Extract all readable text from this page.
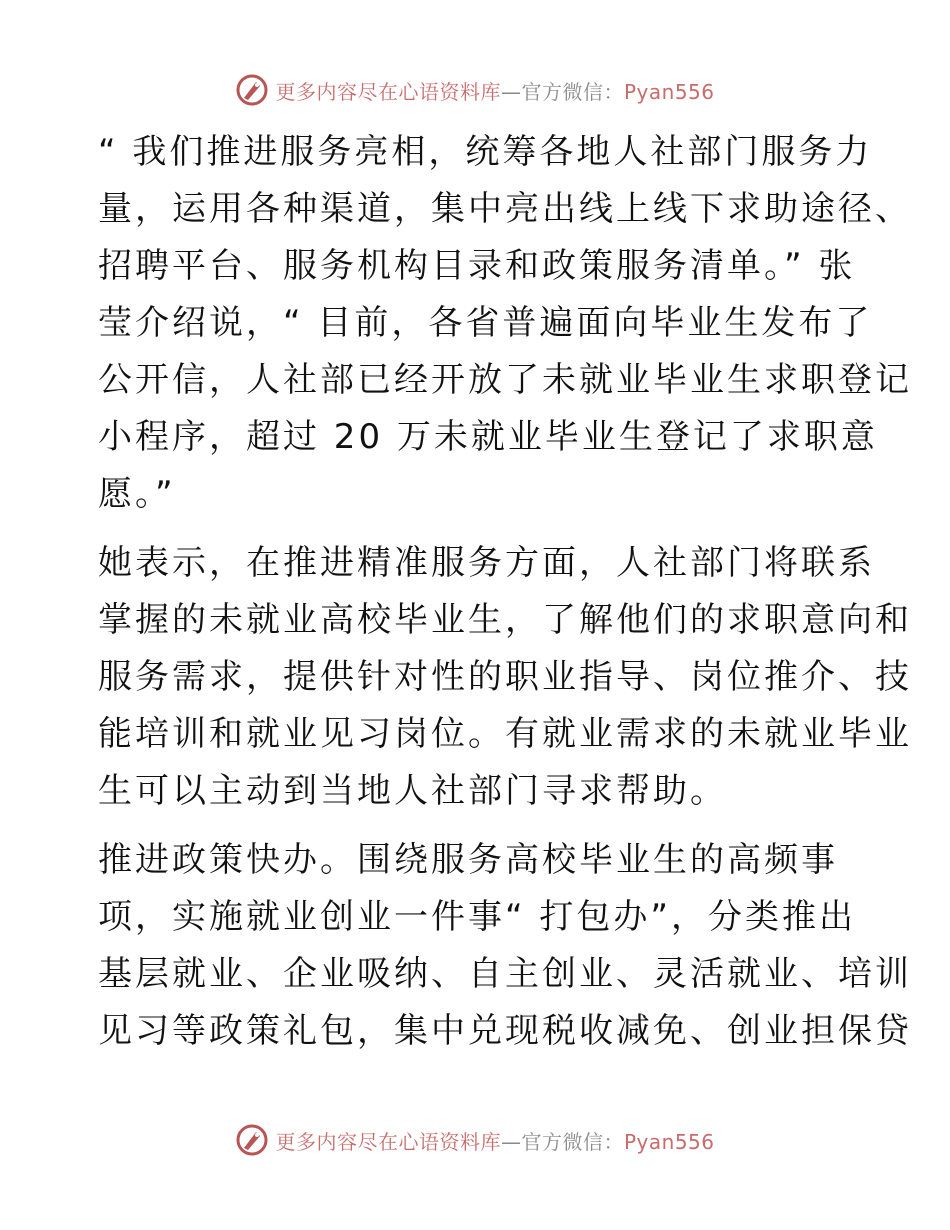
更多内容尽在心语资料库—官方微信：Pyan556

“ 我们推进服务亮相，统筹各地人社部门服务力
量，运用各种渠道，集中亮出线上线下求助途径、
招聘平台、服务机构目录和政策服务清单。” 张
莹介绍说，“ 目前，各省普遍面向毕业生发布了
公开信，人社部已经开放了未就业毕业生求职登记
小程序，超过 20 万未就业毕业生登记了求职意
愿。”

她表示，在推进精准服务方面，人社部门将联系
掌握的未就业高校毕业生，了解他们的求职意向和
服务需求，提供针对性的职业指导、岗位推介、技
能培训和就业见习岗位。有就业需求的未就业毕业
生可以主动到当地人社部门寻求帮助。

推进政策快办。围绕服务高校毕业生的高频事
项，实施就业创业一件事“ 打包办”，分类推出
基层就业、企业吸纳、自主创业、灵活就业、培训
见习等政策礼包，集中兑现税收减免、创业担保贷

更多内容尽在心语资料库—官方微信：Pyan556
